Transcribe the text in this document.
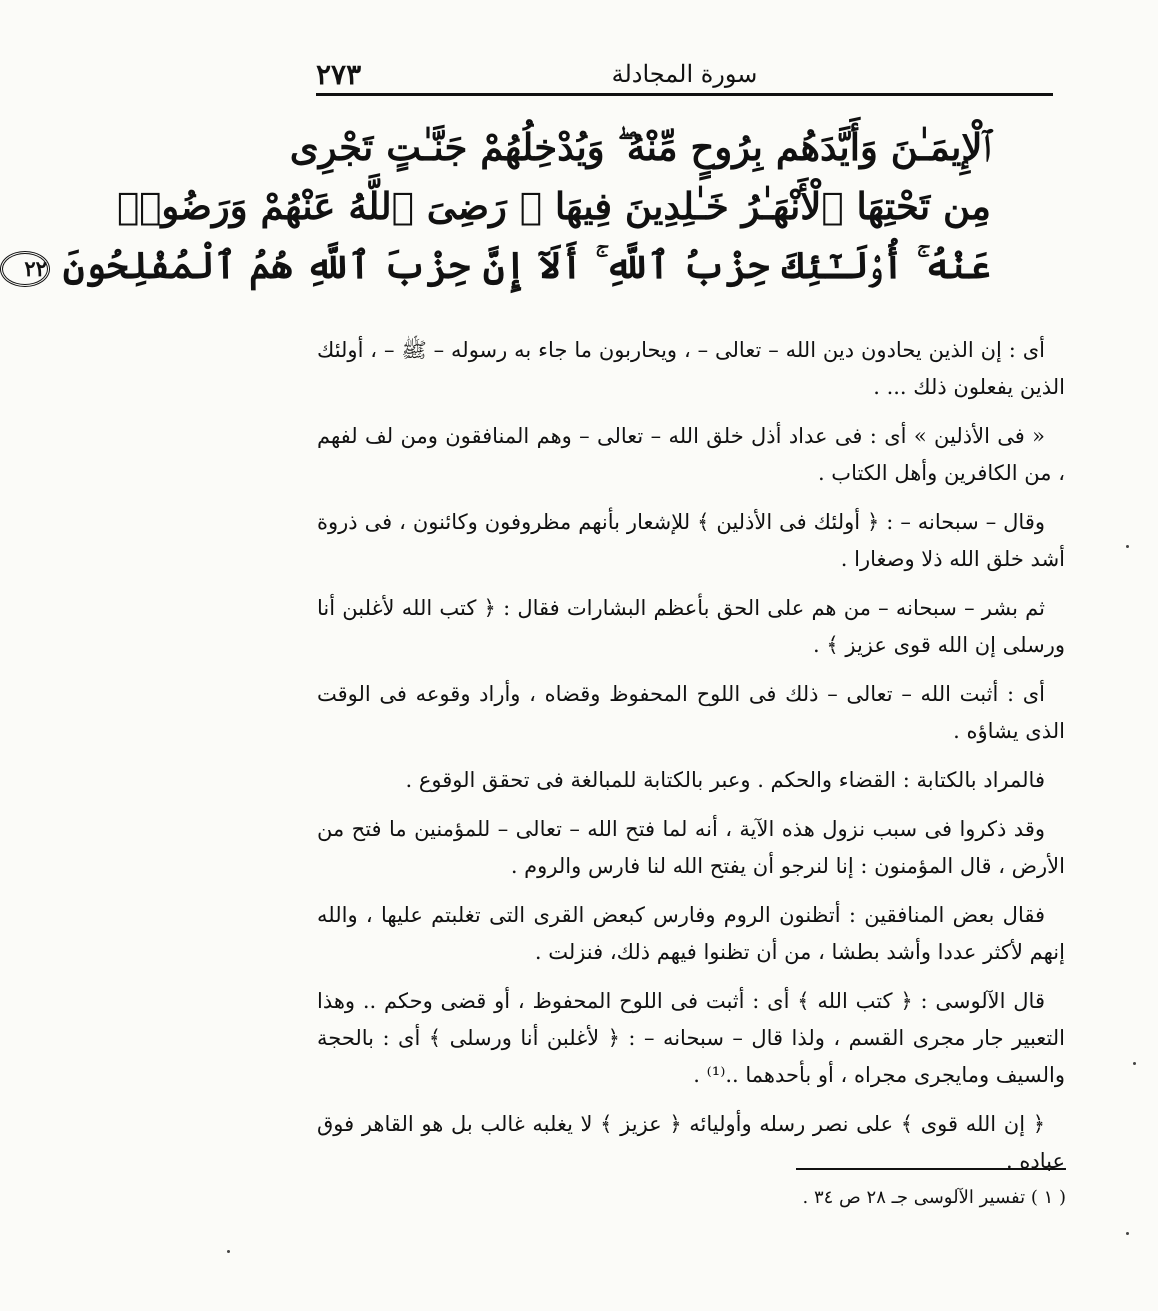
٢٧٣	سورة المجادلة
ٱلْإِيمَـٰنَ وَأَيَّدَهُم بِرُوحٍ مِّنْهُ ۖ وَيُدْخِلُهُمْ جَنَّـٰتٍ تَجْرِى
مِن تَحْتِهَا ٱلْأَنْهَـٰرُ خَـٰلِدِينَ فِيهَا ۚ رَضِىَ ٱللَّهُ عَنْهُمْ وَرَضُوا۟
عَنْهُ ۚ أُو۟لَـٰٓئِكَ حِزْبُ ٱللَّهِ ۚ أَلَآ إِنَّ حِزْبَ ٱللَّهِ هُمُ ٱلْمُفْلِحُونَ ٢٢

أى : إن الذين يحادون دين الله – تعالى – ، ويحاربون ما جاء به رسوله – ﷺ – ، أولئك الذين يفعلون ذلك ... .

« فى الأذلين » أى : فى عداد أذل خلق الله – تعالى – وهم المنافقون ومن لف لفهم ، من الكافرين وأهل الكتاب .

وقال – سبحانه – : ﴿ أولئك فى الأذلين ﴾ للإشعار بأنهم مظروفون وكائنون ، فى ذروة أشد خلق الله ذلا وصغارا .

ثم بشر – سبحانه – من هم على الحق بأعظم البشارات فقال : ﴿ كتب الله لأغلبن أنا ورسلى إن الله قوى عزيز ﴾ .

أى : أثبت الله – تعالى – ذلك فى اللوح المحفوظ وقضاه ، وأراد وقوعه فى الوقت الذى يشاؤه .

فالمراد بالكتابة : القضاء والحكم . وعبر بالكتابة للمبالغة فى تحقق الوقوع .

وقد ذكروا فى سبب نزول هذه الآية ، أنه لما فتح الله – تعالى – للمؤمنين ما فتح من الأرض ، قال المؤمنون : إنا لنرجو أن يفتح الله لنا فارس والروم .

فقال بعض المنافقين : أتظنون الروم وفارس كبعض القرى التى تغلبتم عليها ، والله إنهم لأكثر عددا وأشد بطشا ، من أن تظنوا فيهم ذلك، فنزلت .

قال الآلوسى : ﴿ كتب الله ﴾ أى : أثبت فى اللوح المحفوظ ، أو قضى وحكم .. وهذا التعبير جار مجرى القسم ، ولذا قال – سبحانه – : ﴿ لأغلبن أنا ورسلى ﴾ أى : بالحجة والسيف ومايجرى مجراه ، أو بأحدهما ..⁽¹⁾ .

﴿ إن الله قوى ﴾ على نصر رسله وأوليائه ﴿ عزيز ﴾ لا يغلبه غالب بل هو القاهر فوق عباده .

( ١ ) تفسير الآلوسى جـ ٢٨ ص ٣٤ .
